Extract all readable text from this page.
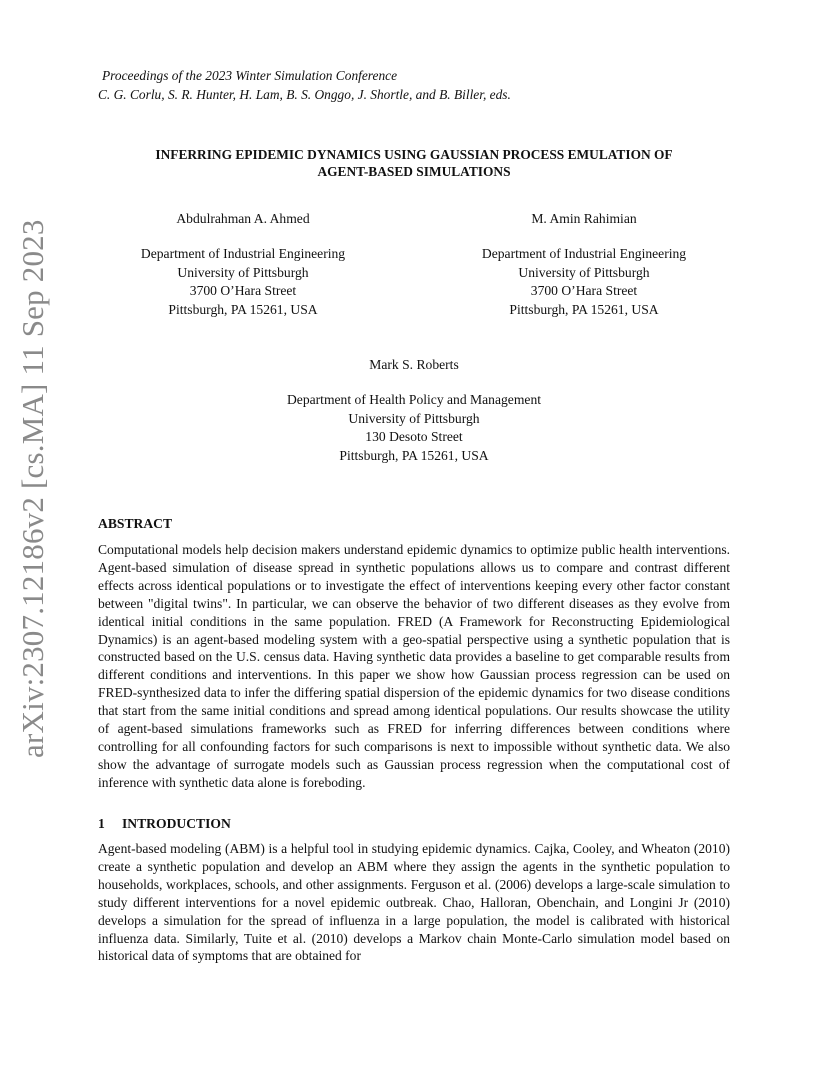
Proceedings of the 2023 Winter Simulation Conference
C. G. Corlu, S. R. Hunter, H. Lam, B. S. Onggo, J. Shortle, and B. Biller, eds.
INFERRING EPIDEMIC DYNAMICS USING GAUSSIAN PROCESS EMULATION OF
AGENT-BASED SIMULATIONS
Abdulrahman A. Ahmed
Department of Industrial Engineering
University of Pittsburgh
3700 O’Hara Street
Pittsburgh, PA 15261, USA
M. Amin Rahimian
Department of Industrial Engineering
University of Pittsburgh
3700 O’Hara Street
Pittsburgh, PA 15261, USA
Mark S. Roberts
Department of Health Policy and Management
University of Pittsburgh
130 Desoto Street
Pittsburgh, PA 15261, USA
arXiv:2307.12186v2 [cs.MA] 11 Sep 2023	ABSTRACT

Computational models help decision makers understand epidemic dynamics to optimize public health interventions. Agent-based simulation of disease spread in synthetic populations allows us to compare and contrast different effects across identical populations or to investigate the effect of interventions keeping every other factor constant between "digital twins". In particular, we can observe the behavior of two different diseases as they evolve from identical initial conditions in the same population. FRED (A Framework for Reconstructing Epidemiological Dynamics) is an agent-based modeling system with a geo-spatial perspective using a synthetic population that is constructed based on the U.S. census data. Having synthetic data provides a baseline to get comparable results from different conditions and interventions. In this paper we show how Gaussian process regression can be used on FRED-synthesized data to infer the differing spatial dispersion of the epidemic dynamics for two disease conditions that start from the same initial conditions and spread among identical populations. Our results showcase the utility of agent-based simulations frameworks such as FRED for inferring differences between conditions where controlling for all confounding factors for such comparisons is next to impossible without synthetic data. We also show the advantage of surrogate models such as Gaussian process regression when the computational cost of inference with synthetic data alone is foreboding.

1 INTRODUCTION

Agent-based modeling (ABM) is a helpful tool in studying epidemic dynamics. Cajka, Cooley, and Wheaton (2010) create a synthetic population and develop an ABM where they assign the agents in the synthetic population to households, workplaces, schools, and other assignments. Ferguson et al. (2006) develops a large-scale simulation to study different interventions for a novel epidemic outbreak. Chao, Halloran, Obenchain, and Longini Jr (2010) develops a simulation for the spread of influenza in a large population, the model is calibrated with historical influenza data. Similarly, Tuite et al. (2010) develops a Markov chain Monte-Carlo simulation model based on historical data of symptoms that are obtained for
